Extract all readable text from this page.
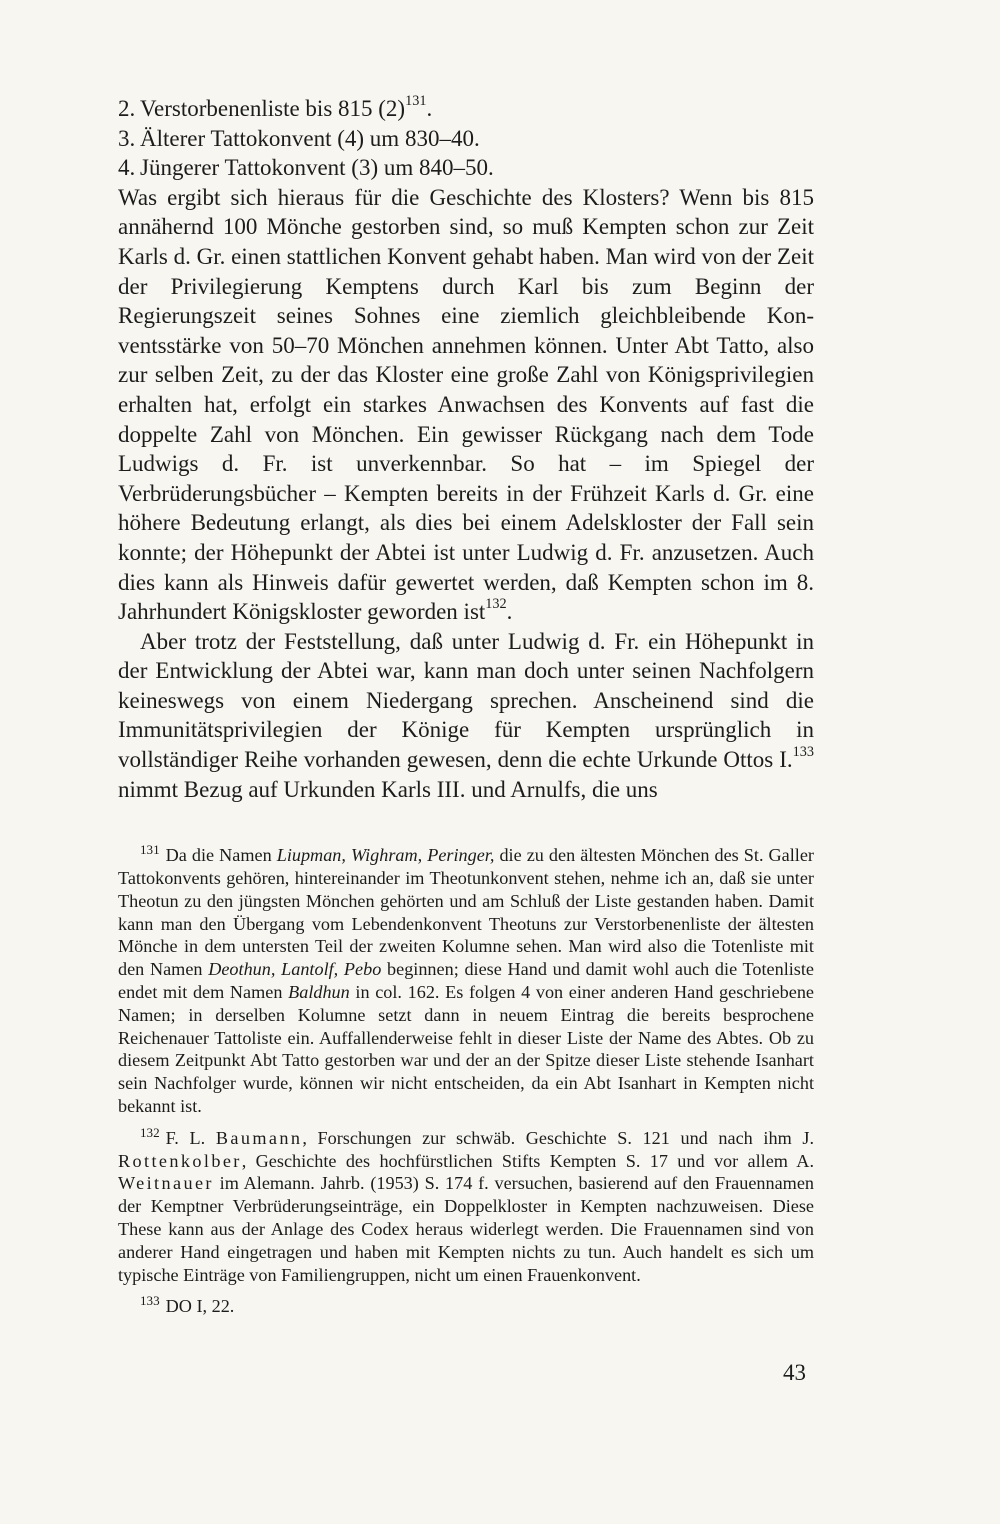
2. Verstorbenenliste bis 815 $(2)^{131}$.

3. Älterer Tattokonvent (4) um 830–40.

4. Jüngerer Tattokonvent (3) um 840–50.

Was ergibt sich hieraus für die Geschichte des Klosters? Wenn bis 815 annähernd 100 Mönche gestorben sind, so muß Kempten schon zur Zeit Karls d. Gr. einen stattlichen Konvent gehabt haben. Man wird von der Zeit der Privilegierung Kemptens durch Karl bis zum Beginn der Regierungszeit seines Sohnes eine ziemlich gleichbleibende Konventsstärke von 50–70 Mönchen annehmen können. Unter Abt Tatto, also zur selben Zeit, zu der das Kloster eine große Zahl von Königsprivilegien erhalten hat, erfolgt ein starkes Anwachsen des Konvents auf fast die doppelte Zahl von Mönchen. Ein gewisser Rückgang nach dem Tode Ludwigs d. Fr. ist unverkennbar. So hat – im Spiegel der Verbrüderungsbücher – Kempten bereits in der Frühzeit Karls d. Gr. eine höhere Bedeutung erlangt, als dies bei einem Adelskloster der Fall sein konnte; der Höhepunkt der Abtei ist unter Ludwig d. Fr. anzusetzen. Auch dies kann als Hinweis dafür gewertet werden, daß Kempten schon im 8. Jahrhundert Königskloster geworden ist$^{132}$.

Aber trotz der Feststellung, daß unter Ludwig d. Fr. ein Höhepunkt in der Entwicklung der Abtei war, kann man doch unter seinen Nachfolgern keineswegs von einem Niedergang sprechen. Anscheinend sind die Immunitätsprivilegien der Könige für Kempten ursprünglich in vollständiger Reihe vorhanden gewesen, denn die echte Urkunde Ottos I.$^{133}$ nimmt Bezug auf Urkunden Karls III. und Arnulfs, die uns

$^{131}$ Da die Namen Liupman, Wighram, Peringer, die zu den ältesten Mönchen des St. Galler Tattokonvents gehören, hintereinander im Theotunkonvent stehen, nehme ich an, daß sie unter Theotun zu den jüngsten Mönchen gehörten und am Schluß der Liste gestanden haben. Damit kann man den Übergang vom Lebendenkonvent Theotuns zur Verstorbenenliste der ältesten Mönche in dem untersten Teil der zweiten Kolumne sehen. Man wird also die Totenliste mit den Namen Deothun, Lantolf, Pebo beginnen; diese Hand und damit wohl auch die Totenliste endet mit dem Namen Baldhun in col. 162. Es folgen 4 von einer anderen Hand geschriebene Namen; in derselben Kolumne setzt dann in neuem Eintrag die bereits besprochene Reichenauer Tattoliste ein. Auffallenderweise fehlt in dieser Liste der Name des Abtes. Ob zu diesem Zeitpunkt Abt Tatto gestorben war und der an der Spitze dieser Liste stehende Isanhart sein Nachfolger wurde, können wir nicht entscheiden, da ein Abt Isanhart in Kempten nicht bekannt ist.

$^{132}$ F. L. Baumann, Forschungen zur schwäb. Geschichte S. 121 und nach ihm J. Rottenkolber, Geschichte des hochfürstlichen Stifts Kempten S. 17 und vor allem A. Weitnauer im Alemann. Jahrb. (1953) S. 174 f. versuchen, basierend auf den Frauennamen der Kemptner Verbrüderungseinträge, ein Doppelkloster in Kempten nachzuweisen. Diese These kann aus der Anlage des Codex heraus widerlegt werden. Die Frauennamen sind von anderer Hand eingetragen und haben mit Kempten nichts zu tun. Auch handelt es sich um typische Einträge von Familiengruppen, nicht um einen Frauenkonvent.

$^{133}$ DO I, 22.

43
